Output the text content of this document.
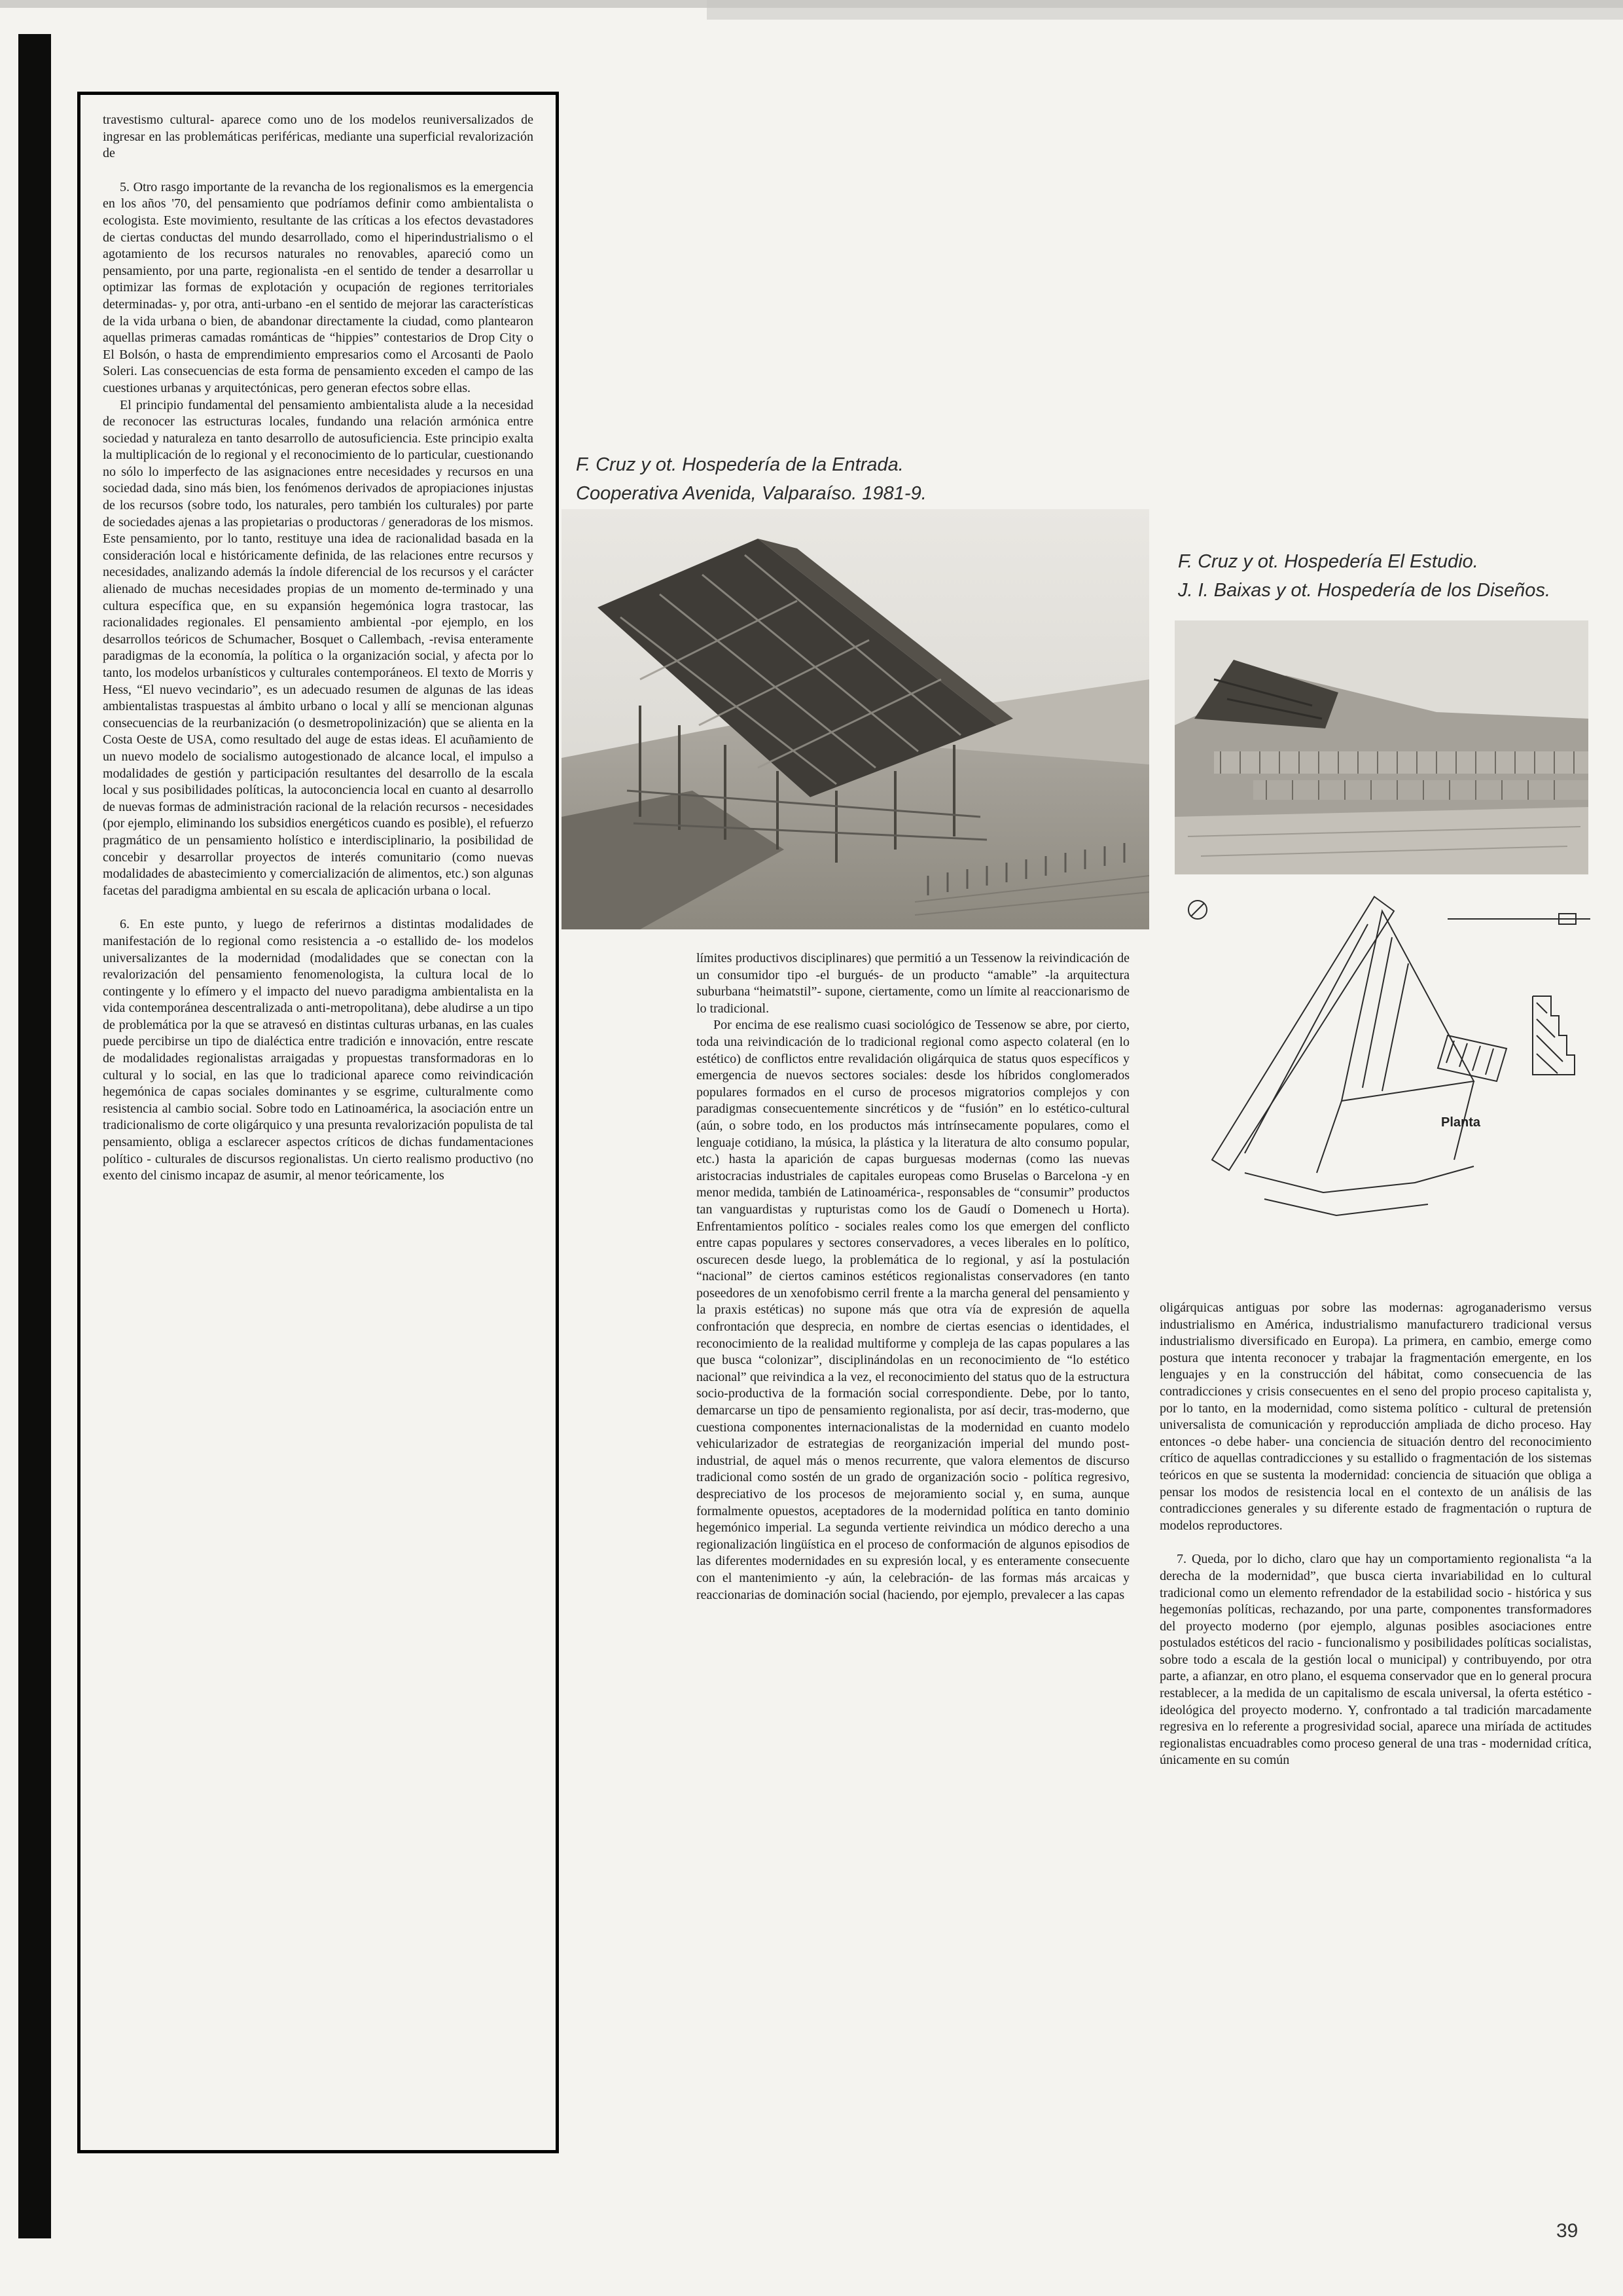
travestismo cultural- aparece como uno de los modelos reuniversalizados de ingresar en las problemáticas periféricas, mediante una superficial revalorización de

5. Otro rasgo importante de la revancha de los regionalismos es la emergencia en los años '70, del pensamiento que podríamos definir como ambientalista o ecologista. Este movimiento, resultante de las críticas a los efectos devastadores de ciertas conductas del mundo desarrollado, como el hiperindustrialismo o el agotamiento de los recursos naturales no renovables, apareció como un pensamiento, por una parte, regionalista -en el sentido de tender a desarrollar u optimizar las formas de explotación y ocupación de regiones territoriales determinadas- y, por otra, anti-urbano -en el sentido de mejorar las características de la vida urbana o bien, de abandonar directamente la ciudad, como plantearon aquellas primeras camadas románticas de “hippies” contestarios de Drop City o El Bolsón, o hasta de emprendimiento empresarios como el Arcosanti de Paolo Soleri. Las consecuencias de esta forma de pensamiento exceden el campo de las cuestiones urbanas y arquitectónicas, pero generan efectos sobre ellas.

El principio fundamental del pensamiento ambientalista alude a la necesidad de reconocer las estructuras locales, fundando una relación armónica entre sociedad y naturaleza en tanto desarrollo de autosuficiencia. Este principio exalta la multiplicación de lo regional y el reconocimiento de lo particular, cuestionando no sólo lo imperfecto de las asignaciones entre necesidades y recursos en una sociedad dada, sino más bien, los fenómenos derivados de apropiaciones injustas de los recursos (sobre todo, los naturales, pero también los culturales) por parte de sociedades ajenas a las propietarias o productoras / generadoras de los mismos. Este pensamiento, por lo tanto, restituye una idea de racionalidad basada en la consideración local e históricamente definida, de las relaciones entre recursos y necesidades, analizando además la índole diferencial de los recursos y el carácter alienado de muchas necesidades propias de un momento de-terminado y una cultura específica que, en su expansión hegemónica logra trastocar, las racionalidades regionales. El pensamiento ambiental -por ejemplo, en los desarrollos teóricos de Schumacher, Bosquet o Callembach, -revisa enteramente paradigmas de la economía, la política o la organización social, y afecta por lo tanto, los modelos urbanísticos y culturales contemporáneos. El texto de Morris y Hess, “El nuevo vecindario”, es un adecuado resumen de algunas de las ideas ambientalistas traspuestas al ámbito urbano o local y allí se mencionan algunas consecuencias de la reurbanización (o desmetropolinización) que se alienta en la Costa Oeste de USA, como resultado del auge de estas ideas. El acuñamiento de un nuevo modelo de socialismo autogestionado de alcance local, el impulso a modalidades de gestión y participación resultantes del desarrollo de la escala local y sus posibilidades políticas, la autoconciencia local en cuanto al desarrollo de nuevas formas de administración racional de la relación recursos - necesidades (por ejemplo, eliminando los subsidios energéticos cuando es posible), el refuerzo pragmático de un pensamiento holístico e interdisciplinario, la posibilidad de concebir y desarrollar proyectos de interés comunitario (como nuevas modalidades de abastecimiento y comercialización de alimentos, etc.) son algunas facetas del paradigma ambiental en su escala de aplicación urbana o local.

6. En este punto, y luego de referirnos a distintas modalidades de manifestación de lo regional como resistencia a -o estallido de- los modelos universalizantes de la modernidad (modalidades que se conectan con la revalorización del pensamiento fenomenologista, la cultura local de lo contingente y lo efímero y el impacto del nuevo paradigma ambientalista en la vida contemporánea descentralizada o anti-metropolitana), debe aludirse a un tipo de problemática por la que se atravesó en distintas culturas urbanas, en las cuales puede percibirse un tipo de dialéctica entre tradición e innovación, entre rescate de modalidades regionalistas arraigadas y propuestas transformadoras en lo cultural y lo social, en las que lo tradicional aparece como reivindicación hegemónica de capas sociales dominantes y se esgrime, culturalmente como resistencia al cambio social. Sobre todo en Latinoamérica, la asociación entre un tradicionalismo de corte oligárquico y una presunta revalorización populista de tal pensamiento, obliga a esclarecer aspectos críticos de dichas fundamentaciones político - culturales de discursos regionalistas. Un cierto realismo productivo (no exento del cinismo incapaz de asumir, al menor teóricamente, los

F. Cruz y ot. Hospedería de la Entrada.
Cooperativa Avenida, Valparaíso. 1981-9.
F. Cruz y ot. Hospedería El Estudio.
J. I. Baixas y ot. Hospedería de los Diseños.
Planta

límites productivos disciplinares) que permitió a un Tessenow la reivindicación de un consumidor tipo -el burgués- de un producto “amable” -la arquitectura suburbana “heimatstil”- supone, ciertamente, como un límite al reaccionarismo de lo tradicional.

Por encima de ese realismo cuasi sociológico de Tessenow se abre, por cierto, toda una reivindicación de lo tradicional regional como aspecto colateral (en lo estético) de conflictos entre revalidación oligárquica de status quos específicos y emergencia de nuevos sectores sociales: desde los híbridos conglomerados populares formados en el curso de procesos migratorios complejos y con paradigmas consecuentemente sincréticos y de “fusión” en lo estético-cultural (aún, o sobre todo, en los productos más intrínsecamente populares, como el lenguaje cotidiano, la música, la plástica y la literatura de alto consumo popular, etc.) hasta la aparición de capas burguesas modernas (como las nuevas aristocracias industriales de capitales europeas como Bruselas o Barcelona -y en menor medida, también de Latinoamérica-, responsables de “consumir” productos tan vanguardistas y rupturistas como los de Gaudí o Domenech u Horta). Enfrentamientos político - sociales reales como los que emergen del conflicto entre capas populares y sectores conservadores, a veces liberales en lo político, oscurecen desde luego, la problemática de lo regional, y así la postulación “nacional” de ciertos caminos estéticos regionalistas conservadores (en tanto poseedores de un xenofobismo cerril frente a la marcha general del pensamiento y la praxis estéticas) no supone más que otra vía de expresión de aquella confrontación que desprecia, en nombre de ciertas esencias o identidades, el reconocimiento de la realidad multiforme y compleja de las capas populares a las que busca “colonizar”, disciplinándolas en un reconocimiento de “lo estético nacional” que reivindica a la vez, el reconocimiento del status quo de la estructura socio-productiva de la formación social correspondiente. Debe, por lo tanto, demarcarse un tipo de pensamiento regionalista, por así decir, tras-moderno, que cuestiona componentes internacionalistas de la modernidad en cuanto modelo vehicularizador de estrategias de reorganización imperial del mundo post-industrial, de aquel más o menos recurrente, que valora elementos de discurso tradicional como sostén de un grado de organización socio - política regresivo, despreciativo de los procesos de mejoramiento social y, en suma, aunque formalmente opuestos, aceptadores de la modernidad política en tanto dominio hegemónico imperial. La segunda vertiente reivindica un módico derecho a una regionalización lingüística en el proceso de conformación de algunos episodios de las diferentes modernidades en su expresión local, y es enteramente consecuente con el mantenimiento -y aún, la celebración- de las formas más arcaicas y reaccionarias de dominación social (haciendo, por ejemplo, prevalecer a las capas

oligárquicas antiguas por sobre las modernas: agroganaderismo versus industrialismo en América, industrialismo manufacturero tradicional versus industrialismo diversificado en Europa). La primera, en cambio, emerge como postura que intenta reconocer y trabajar la fragmentación emergente, en los lenguajes y en la construcción del hábitat, como consecuencia de las contradicciones y crisis consecuentes en el seno del propio proceso capitalista y, por lo tanto, en la modernidad, como sistema político - cultural de pretensión universalista de comunicación y reproducción ampliada de dicho proceso. Hay entonces -o debe haber- una conciencia de situación dentro del reconocimiento crítico de aquellas contradicciones y su estallido o fragmentación de los sistemas teóricos en que se sustenta la modernidad: conciencia de situación que obliga a pensar los modos de resistencia local en el contexto de un análisis de las contradicciones generales y su diferente estado de fragmentación o ruptura de modelos reproductores.

7. Queda, por lo dicho, claro que hay un comportamiento regionalista “a la derecha de la modernidad”, que busca cierta invariabilidad en lo cultural tradicional como un elemento refrendador de la estabilidad socio - histórica y sus hegemonías políticas, rechazando, por una parte, componentes transformadores del proyecto moderno (por ejemplo, algunas posibles asociaciones entre postulados estéticos del racio - funcionalismo y posibilidades políticas socialistas, sobre todo a escala de la gestión local o municipal) y contribuyendo, por otra parte, a afianzar, en otro plano, el esquema conservador que en lo general procura restablecer, a la medida de un capitalismo de escala universal, la oferta estético - ideológica del proyecto moderno. Y, confrontado a tal tradición marcadamente regresiva en lo referente a progresividad social, aparece una miríada de actitudes regionalistas encuadrables como proceso general de una tras - modernidad crítica, únicamente en su común

39
